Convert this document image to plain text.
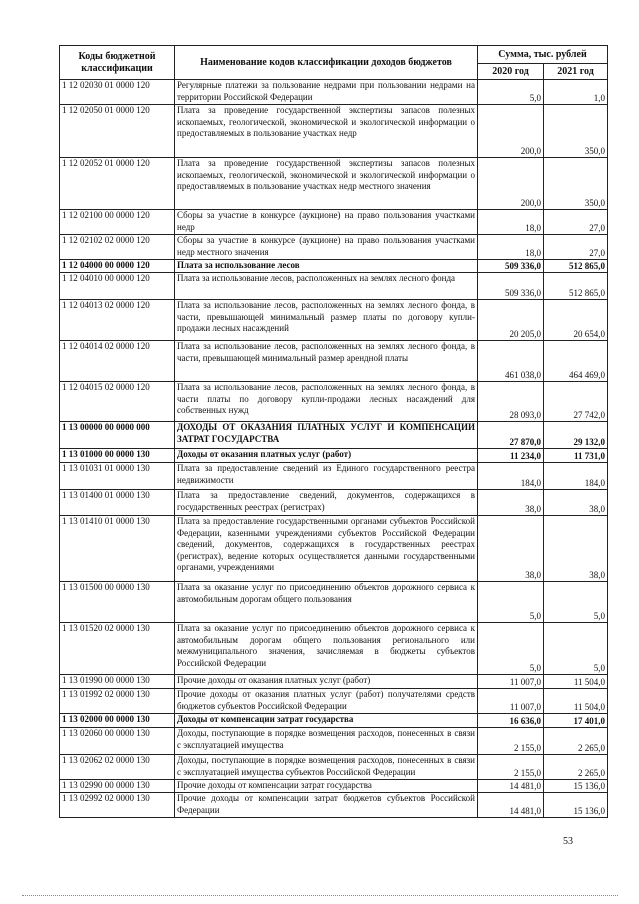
Коды бюджетной классификации	Наименование кодов классификации доходов бюджетов	Сумма, тыс. рублей	
		2020 год	2021 год
1 12 02030 01 0000 120	Регулярные платежи за пользование недрами при пользовании недрами на территории Российской Федерации	5,0	1,0
1 12 02050 01 0000 120	Плата за проведение государственной экспертизы запасов полезных ископаемых, геологической, экономической и экологической информации о предоставляемых в пользование участках недр	200,0	350,0
1 12 02052 01 0000 120	Плата за проведение государственной экспертизы запасов полезных ископаемых, геологической, экономической и экологической информации о предоставляемых в пользование участках недр местного значения	200,0	350,0
1 12 02100 00 0000 120	Сборы за участие в конкурсе (аукционе) на право пользования участками недр	18,0	27,0
1 12 02102 02 0000 120	Сборы за участие в конкурсе (аукционе) на право пользования участками недр местного значения	18,0	27,0
1 12 04000 00 0000 120	Плата за использование лесов	509 336,0	512 865,0
1 12 04010 00 0000 120	Плата за использование лесов, расположенных на землях лесного фонда	509 336,0	512 865,0
1 12 04013 02 0000 120	Плата за использование лесов, расположенных на землях лесного фонда, в части, превышающей минимальный размер платы по договору купли-продажи лесных насаждений	20 205,0	20 654,0
1 12 04014 02 0000 120	Плата за использование лесов, расположенных на землях лесного фонда, в части, превышающей минимальный размер арендной платы	461 038,0	464 469,0
1 12 04015 02 0000 120	Плата за использование лесов, расположенных на землях лесного фонда, в части платы по договору купли-продажи лесных насаждений для собственных нужд	28 093,0	27 742,0
1 13 00000 00 0000 000	ДОХОДЫ ОТ ОКАЗАНИЯ ПЛАТНЫХ УСЛУГ И КОМПЕНСАЦИИ ЗАТРАТ ГОСУДАРСТВА	27 870,0	29 132,0
1 13 01000 00 0000 130	Доходы от оказания платных услуг (работ)	11 234,0	11 731,0
1 13 01031 01 0000 130	Плата за предоставление сведений из Единого государственного реестра недвижимости	184,0	184,0
1 13 01400 01 0000 130	Плата за предоставление сведений, документов, содержащихся в государственных реестрах (регистрах)	38,0	38,0
1 13 01410 01 0000 130	Плата за предоставление государственными органами субъектов Российской Федерации, казенными учреждениями субъектов Российской Федерации сведений, документов, содержащихся в государственных реестрах (регистрах), ведение которых осуществляется данными государственными органами, учреждениями	38,0	38,0
1 13 01500 00 0000 130	Плата за оказание услуг по присоединению объектов дорожного сервиса к автомобильным дорогам общего пользования	5,0	5,0
1 13 01520 02 0000 130	Плата за оказание услуг по присоединению объектов дорожного сервиса к автомобильным дорогам общего пользования регионального или межмуниципального значения, зачисляемая в бюджеты субъектов Российской Федерации	5,0	5,0
1 13 01990 00 0000 130	Прочие доходы от оказания платных услуг (работ)	11 007,0	11 504,0
1 13 01992 02 0000 130	Прочие доходы от оказания платных услуг (работ) получателями средств бюджетов субъектов Российской Федерации	11 007,0	11 504,0
1 13 02000 00 0000 130	Доходы от компенсации затрат государства	16 636,0	17 401,0
1 13 02060 00 0000 130	Доходы, поступающие в порядке возмещения расходов, понесенных в связи с эксплуатацией имущества	2 155,0	2 265,0
1 13 02062 02 0000 130	Доходы, поступающие в порядке возмещения расходов, понесенных в связи с эксплуатацией имущества субъектов Российской Федерации	2 155,0	2 265,0
1 13 02990 00 0000 130	Прочие доходы от компенсации затрат государства	14 481,0	15 136,0
1 13 02992 02 0000 130	Прочие доходы от компенсации затрат бюджетов субъектов Российской Федерации	14 481,0	15 136,0
53
